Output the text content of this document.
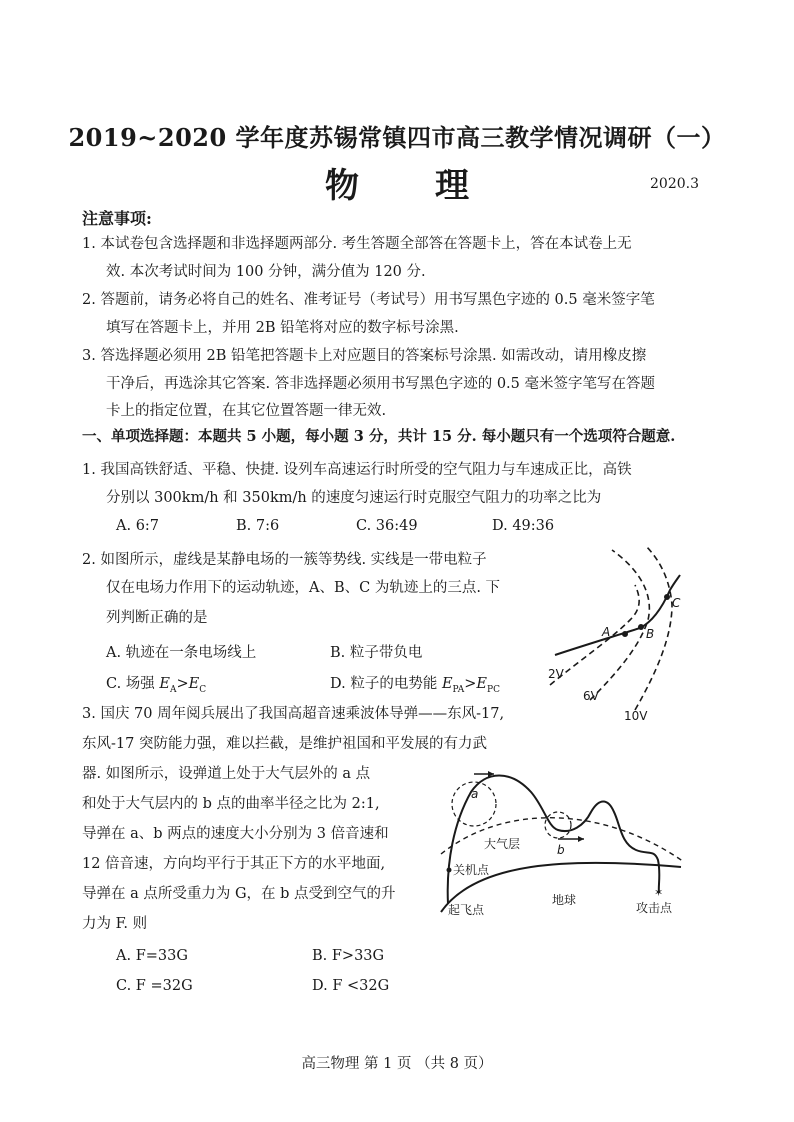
2019~2020 学年度苏锡常镇四市高三教学情况调研（一）
物 理	2020.3
注意事项:
1. 本试卷包含选择题和非选择题两部分. 考生答题全部答在答题卡上，答在本试卷上无
效. 本次考试时间为 100 分钟，满分值为 120 分.
2. 答题前，请务必将自己的姓名、准考证号（考试号）用书写黑色字迹的 0.5 毫米签字笔
填写在答题卡上，并用 2B 铅笔将对应的数字标号涂黑.
3. 答选择题必须用 2B 铅笔把答题卡上对应题目的答案标号涂黑. 如需改动，请用橡皮擦
干净后，再选涂其它答案. 答非选择题必须用书写黑色字迹的 0.5 毫米签字笔写在答题
卡上的指定位置，在其它位置答题一律无效.
一、单项选择题：本题共 5 小题，每小题 3 分，共计 15 分. 每小题只有一个选项符合题意.
1. 我国高铁舒适、平稳、快捷. 设列车高速运行时所受的空气阻力与车速成正比，高铁
分别以 300km/h 和 350km/h 的速度匀速运行时克服空气阻力的功率之比为
A. 6:7	B. 7:6	C. 36:49	D. 49:36
2. 如图所示，虚线是某静电场的一簇等势线. 实线是一带电粒子
仅在电场力作用下的运动轨迹，A、B、C 为轨迹上的三点. 下
列判断正确的是
A. 轨迹在一条电场线上	B. 粒子带负电
C. 场强 $E_A>E_C$	D. 粒子的电势能 $E_{PA}>E_{PC}$
A	B
C
2V
6V
10V
3. 国庆 70 周年阅兵展出了我国高超音速乘波体导弹——东风-17,
东风-17 突防能力强，难以拦截，是维护祖国和平发展的有力武
器. 如图所示，设弹道上处于大气层外的 a 点
和处于大气层内的 b 点的曲率半径之比为 2:1,
导弹在 a、b 两点的速度大小分别为 3 倍音速和
12 倍音速，方向均平行于其正下方的水平地面,
导弹在 a 点所受重力为 G，在 b 点受到空气的升
力为 F. 则
A. F=33G	B. F>33G
C. F =32G	D. F <32G
a
b
大气层
关机点
起飞点
地球
攻击点
✶
高三物理 第 1 页 （共 8 页）
